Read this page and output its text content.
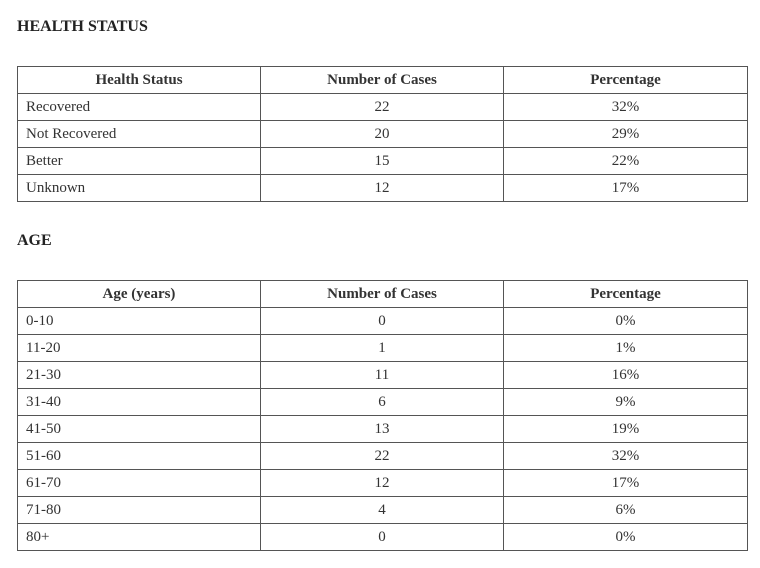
HEALTH STATUS
Health Status	Number of Cases	Percentage
Recovered	22	32%
Not Recovered	20	29%
Better	15	22%
Unknown	12	17%
AGE
Age (years)	Number of Cases	Percentage
0-10	0	0%
11-20	1	1%
21-30	11	16%
31-40	6	9%
41-50	13	19%
51-60	22	32%
61-70	12	17%
71-80	4	6%
80+	0	0%
